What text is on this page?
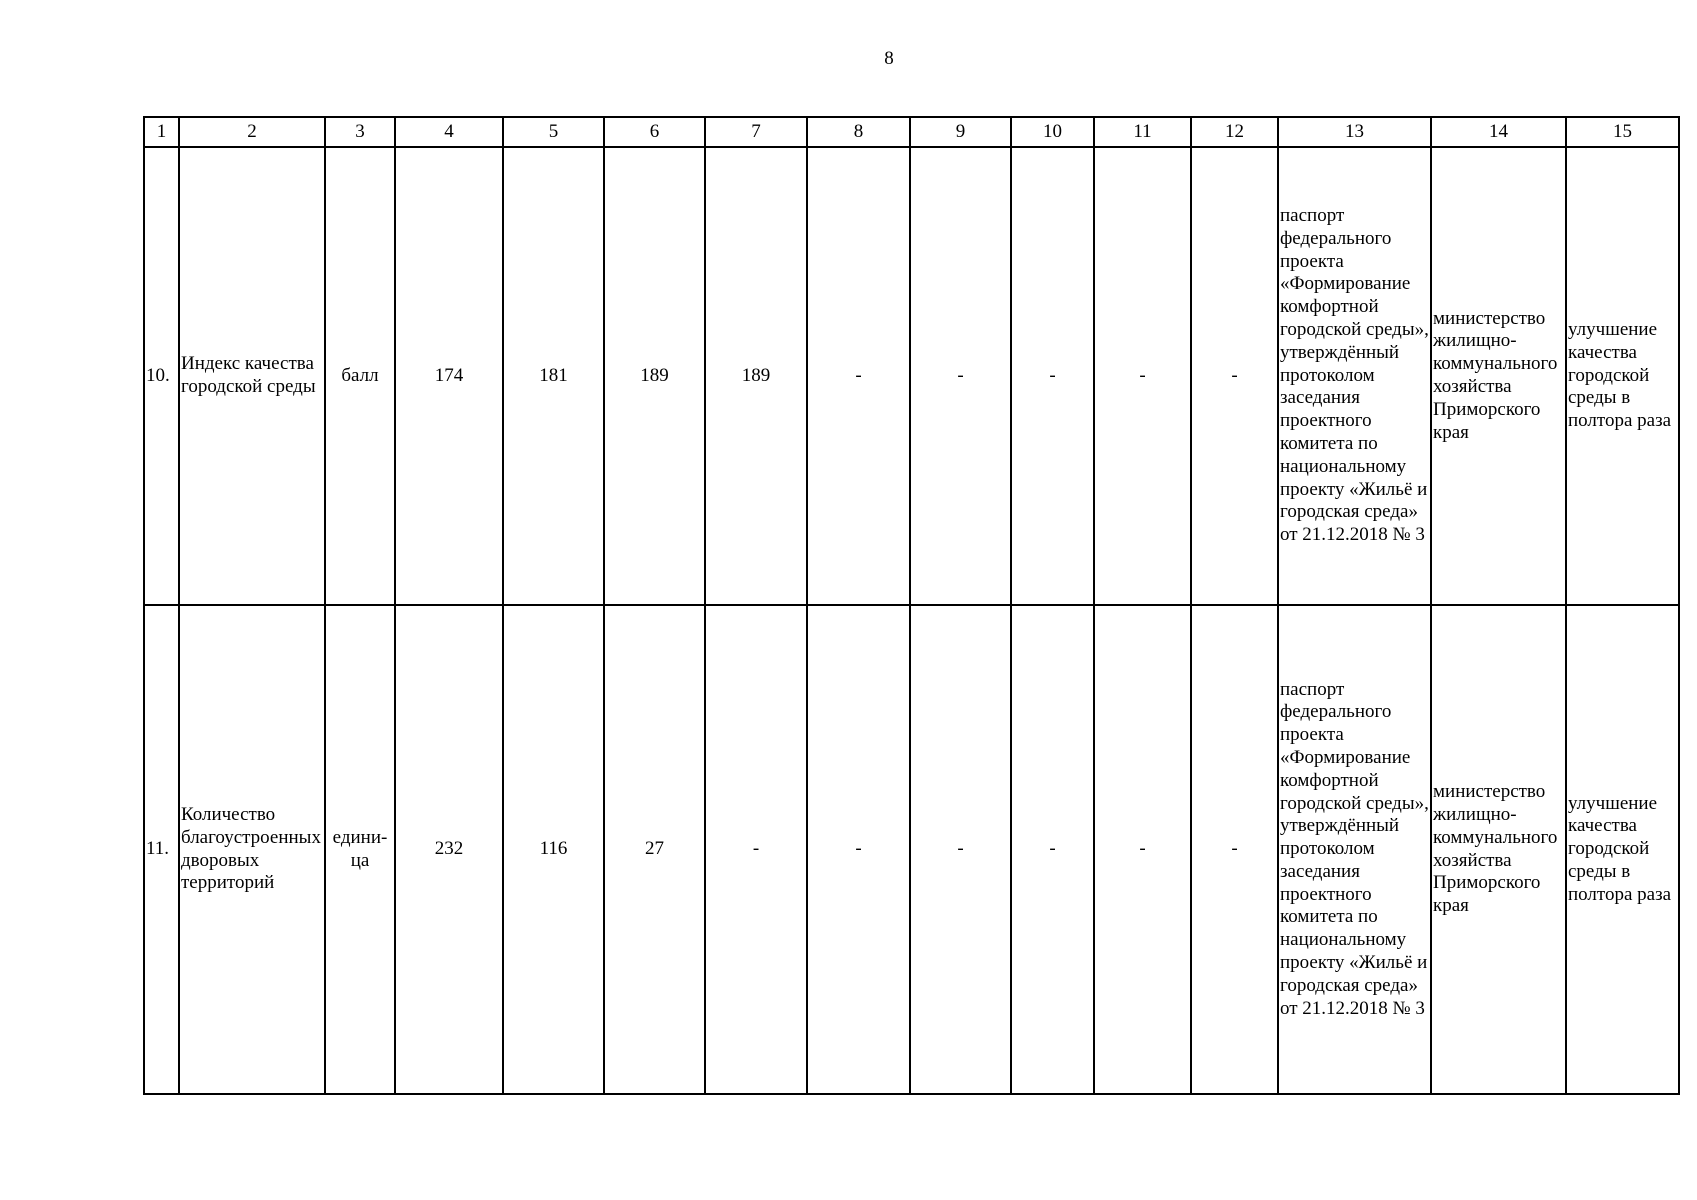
8
1	2	3	4	5	6	7	8	9	10	11	12	13	14	15
10.	Индекс качества городской среды	балл	174	181	189	189	-	-	-	-	-	паспорт федерального проекта «Формирование комфортной городской среды», утверждённый протоколом заседания проектного комитета по национальному проекту «Жильё и городская среда» от 21.12.2018 № 3	министерство жилищно-коммунального хозяйства Приморского края	улучшение качества городской среды в полтора раза
11.	Количество благоустроенных дворовых территорий	едини-ца	232	116	27	-	-	-	-	-	-	паспорт федерального проекта «Формирование комфортной городской среды», утверждённый протоколом заседания проектного комитета по национальному проекту «Жильё и городская среда» от 21.12.2018 № 3	министерство жилищно-коммунального хозяйства Приморского края	улучшение качества городской среды в полтора раза
